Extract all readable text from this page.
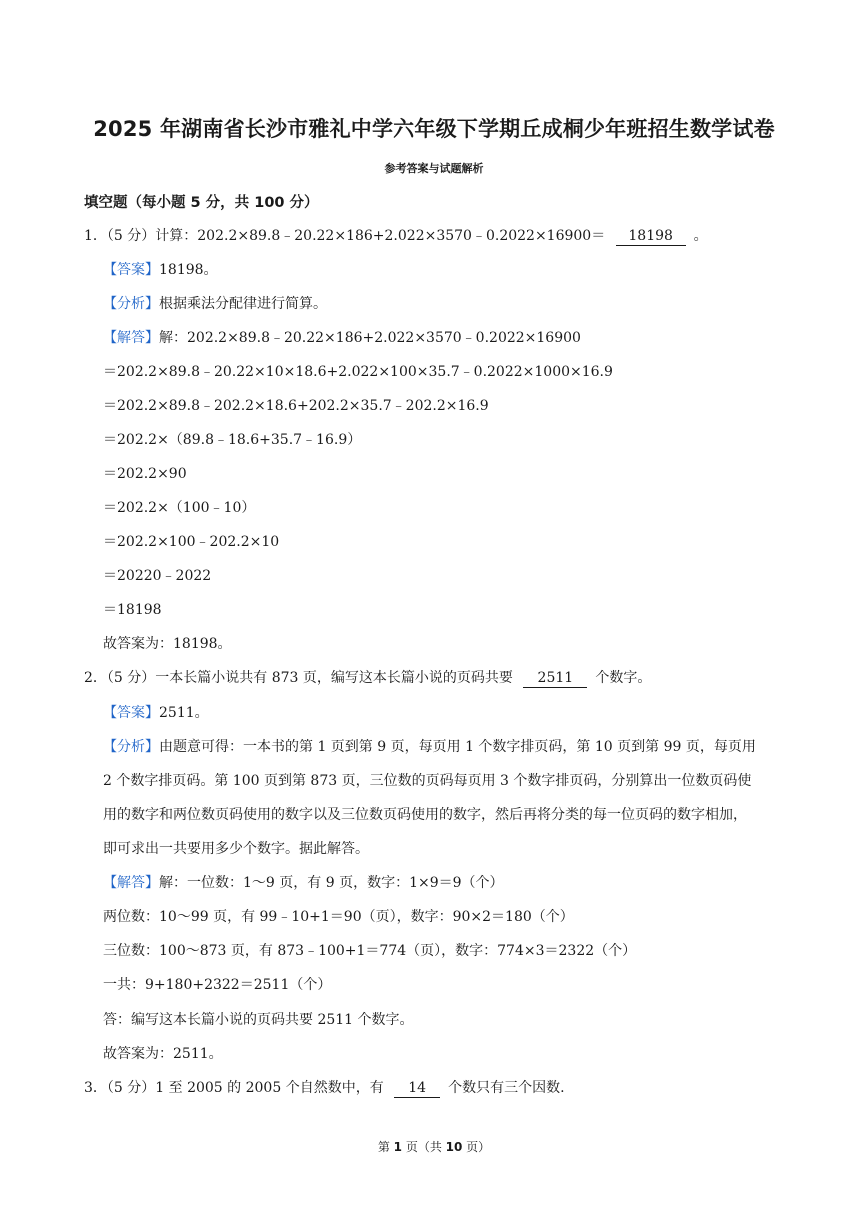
2025 年湖南省长沙市雅礼中学六年级下学期丘成桐少年班招生数学试卷
参考答案与试题解析
填空题（每小题 5 分，共 100 分）
1．（5 分）计算：202.2×89.8﹣20.22×186+2.022×3570﹣0.2022×16900＝ 18198 。
【答案】18198。
【分析】根据乘法分配律进行简算。
【解答】解：202.2×89.8﹣20.22×186+2.022×3570﹣0.2022×16900
＝202.2×89.8﹣20.22×10×18.6+2.022×100×35.7﹣0.2022×1000×16.9
＝202.2×89.8﹣202.2×18.6+202.2×35.7﹣202.2×16.9
＝202.2×（89.8﹣18.6+35.7﹣16.9）
＝202.2×90
＝202.2×（100﹣10）
＝202.2×100﹣202.2×10
＝20220﹣2022
＝18198
故答案为：18198。
2．（5 分）一本长篇小说共有 873 页，编写这本长篇小说的页码共要 2511 个数字。
【答案】2511。
【分析】由题意可得：一本书的第 1 页到第 9 页，每页用 1 个数字排页码，第 10 页到第 99 页，每页用
2 个数字排页码。第 100 页到第 873 页，三位数的页码每页用 3 个数字排页码，分别算出一位数页码使
用的数字和两位数页码使用的数字以及三位数页码使用的数字，然后再将分类的每一位页码的数字相加，
即可求出一共要用多少个数字。据此解答。
【解答】解：一位数：1～9 页，有 9 页，数字：1×9＝9（个）
两位数：10～99 页，有 99﹣10+1＝90（页），数字：90×2＝180（个）
三位数：100～873 页，有 873﹣100+1＝774（页），数字：774×3＝2322（个）
一共：9+180+2322＝2511（个）
答：编写这本长篇小说的页码共要 2511 个数字。
故答案为：2511。
3．（5 分）1 至 2005 的 2005 个自然数中，有 14 个数只有三个因数.
第 1 页（共 10 页）
